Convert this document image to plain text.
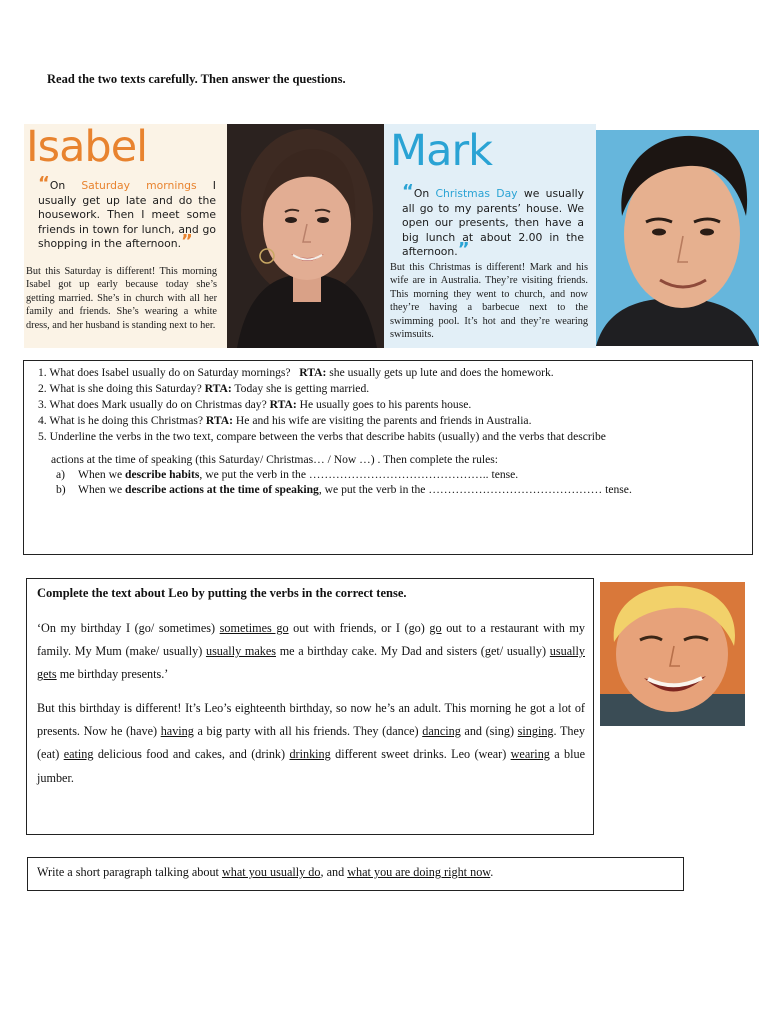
Read the two texts carefully. Then answer the questions.
Isabel
“On Saturday mornings I usually get up late and do the housework. Then I meet some friends in town for lunch, and go shopping in the afternoon.”
But this Saturday is different! This morning Isabel got up early because today she’s getting married. She’s in church with all her family and friends. She’s wearing a white dress, and her husband is standing next to her.
Mark
“On Christmas Day we usually all go to my parents’ house. We open our presents, then have a big lunch at about 2.00 in the afternoon.”
But this Christmas is different! Mark and his wife are in Australia. They’re visiting friends. This morning they went to church, and now they’re having a barbecue next to the swimming pool. It’s hot and they’re wearing swimsuits.
1. What does Isabel usually do on Saturday mornings? RTA: she usually gets up lute and does the homework.
2. What is she doing this Saturday? RTA: Today she is getting married.
3. What does Mark usually do on Christmas day? RTA: He usually goes to his parents house.
4. What is he doing this Christmas? RTA: He and his wife are visiting the parents and friends in Australia.
5. Underline the verbs in the two text, compare between the verbs that describe habits (usually) and the verbs that describe
actions at the time of speaking (this Saturday/ Christmas… / Now …) . Then complete the rules:
a) When we describe habits, we put the verb in the ……………………………………….. tense.
b) When we describe actions at the time of speaking, we put the verb in the ……………………………………… tense.
Complete the text about Leo by putting the verbs in the correct tense.
‘On my birthday I (go/ sometimes) sometimes go out with friends, or I (go) go out to a restaurant with my family. My Mum (make/ usually) usually makes me a birthday cake. My Dad and sisters (get/ usually) usually gets me birthday presents.’
But this birthday is different! It’s Leo’s eighteenth birthday, so now he’s an adult. This morning he got a lot of presents. Now he (have) having a big party with all his friends. They (dance) dancing and (sing) singing. They (eat) eating delicious food and cakes, and (drink) drinking different sweet drinks. Leo (wear) wearing a blue jumber.
Write a short paragraph talking about what you usually do, and what you are doing right now.
